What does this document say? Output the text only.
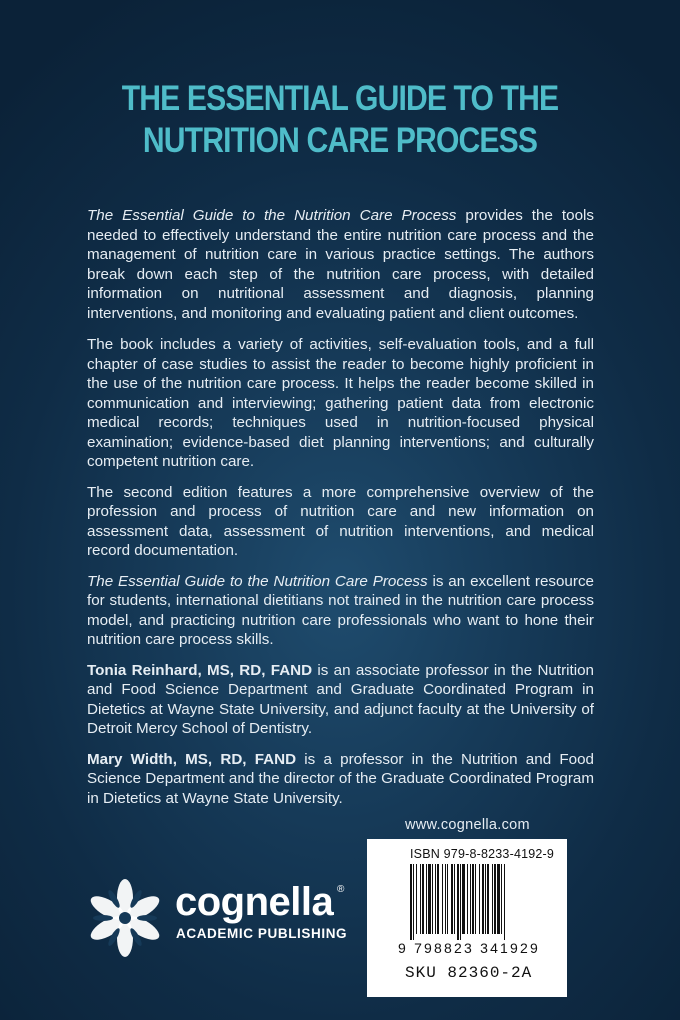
THE ESSENTIAL GUIDE TO THE
NUTRITION CARE PROCESS

The Essential Guide to the Nutrition Care Process provides the tools needed to effectively understand the entire nutrition care process and the management of nutrition care in various practice settings. The authors break down each step of the nutrition care process, with detailed information on nutritional assessment and diagnosis, planning interventions, and monitoring and evaluating patient and client outcomes.

The book includes a variety of activities, self-evaluation tools, and a full chapter of case studies to assist the reader to become highly proficient in the use of the nutrition care process. It helps the reader become skilled in communication and interviewing; gathering patient data from electronic medical records; techniques used in nutrition-focused physical examination; evidence-based diet planning interventions; and culturally competent nutrition care.

The second edition features a more comprehensive overview of the profession and process of nutrition care and new information on assessment data, assessment of nutrition interventions, and medical record documentation.

The Essential Guide to the Nutrition Care Process is an excellent resource for students, international dietitians not trained in the nutrition care process model, and practicing nutrition care professionals who want to hone their nutrition care process skills.

Tonia Reinhard, MS, RD, FAND is an associate professor in the Nutrition and Food Science Department and Graduate Coordinated Program in Dietetics at Wayne State University, and adjunct faculty at the University of Detroit Mercy School of Dentistry.

Mary Width, MS, RD, FAND is a professor in the Nutrition and Food Science Department and the director of the Graduate Coordinated Program in Dietetics at Wayne State University.

cognella ®
ACADEMIC PUBLISHING
www.cognella.com
ISBN 979-8-8233-4192-9
9 798823 341929
SKU 82360-2A
